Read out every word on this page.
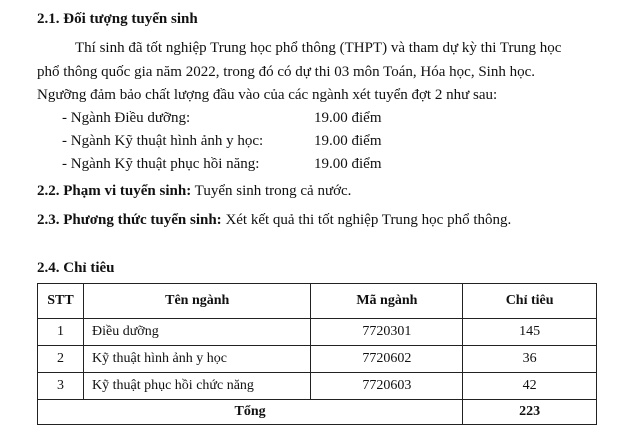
2.1. Đối tượng tuyển sinh
Thí sinh đã tốt nghiệp Trung học phổ thông (THPT) và tham dự kỳ thi Trung học
phổ thông quốc gia năm 2022, trong đó có dự thi 03 môn Toán, Hóa học, Sinh học.
Ngưỡng đảm bảo chất lượng đầu vào của các ngành xét tuyển đợt 2 như sau:
- Ngành Điều dưỡng:	19.00 điểm
- Ngành Kỹ thuật hình ảnh y học:	19.00 điểm
- Ngành Kỹ thuật phục hồi năng:	19.00 điểm
2.2. Phạm vi tuyển sinh: Tuyển sinh trong cả nước.
2.3. Phương thức tuyển sinh: Xét kết quả thi tốt nghiệp Trung học phổ thông.
2.4. Chỉ tiêu
STT	Tên ngành	Mã ngành	Chỉ tiêu
1	Điều dưỡng	7720301	145
2	Kỹ thuật hình ảnh y học	7720602	36
3	Kỹ thuật phục hồi chức năng	7720603	42
Tổng			223
